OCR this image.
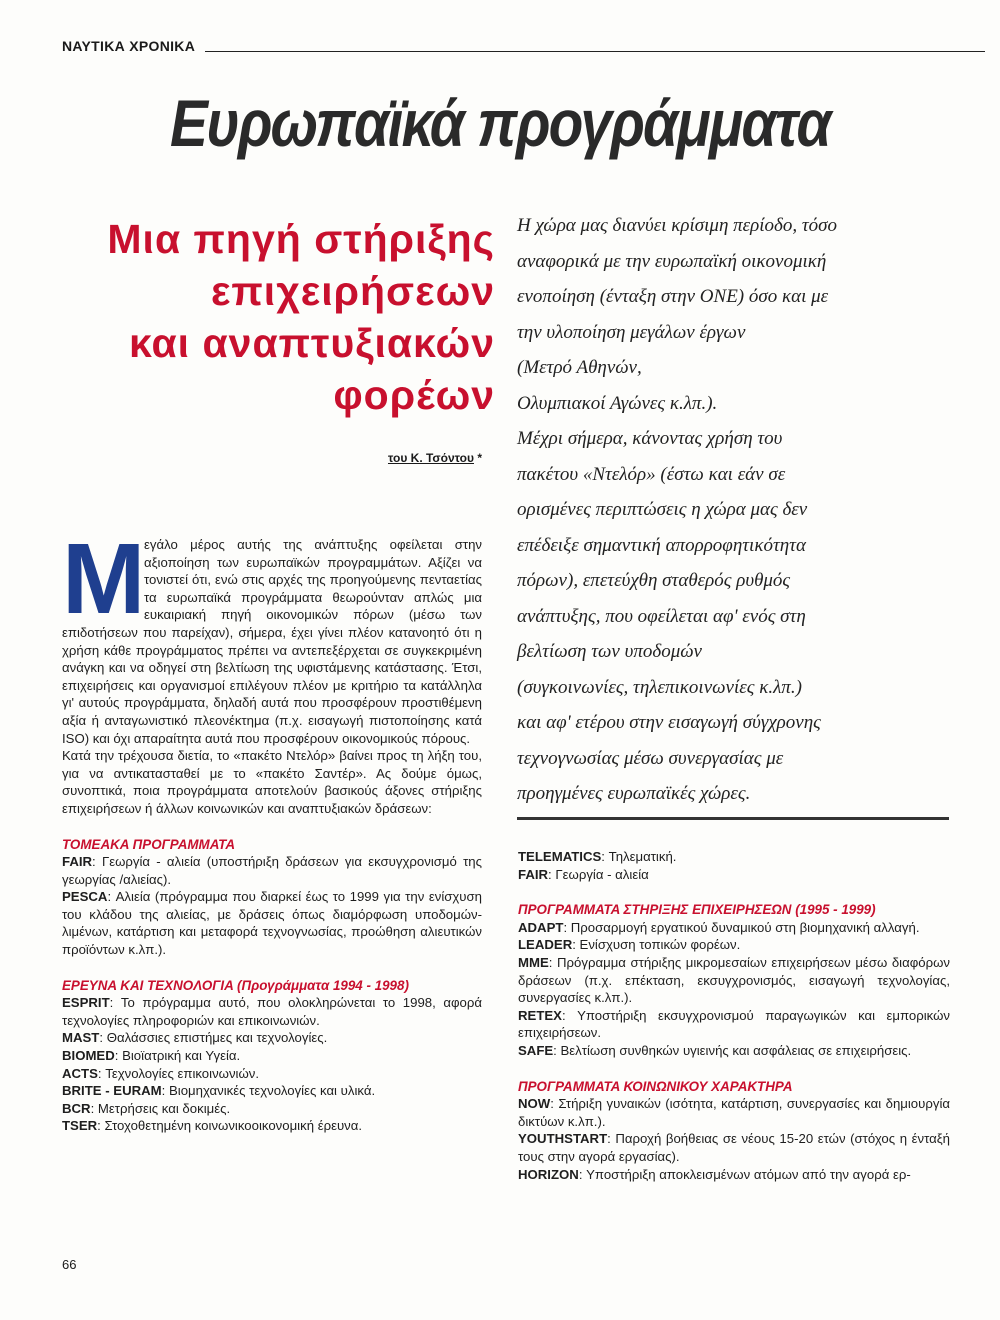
ΝΑΥΤΙΚΑ ΧΡΟΝΙΚΑ
Ευρωπαϊκά προγράμματα
Μια πηγή στήριξης
επιχειρήσεων
και αναπτυξιακών
φορέων
του Κ. Τσόντου *

Η χώρα μας διανύει κρίσιμη περίοδο, τόσο

αναφορικά με την ευρωπαϊκή οικονομική

ενοποίηση (ένταξη στην ΟΝΕ) όσο και με

την υλοποίηση μεγάλων έργων

(Μετρό Αθηνών,

Ολυμπιακοί Αγώνες κ.λπ.).

Μέχρι σήμερα, κάνοντας χρήση του

πακέτου «Ντελόρ» (έστω και εάν σε

ορισμένες περιπτώσεις η χώρα μας δεν

επέδειξε σημαντική απορροφητικότητα

πόρων), επετεύχθη σταθερός ρυθμός

ανάπτυξης, που οφείλεται αφ' ενός στη

βελτίωση των υποδομών

(συγκοινωνίες, τηλεπικοινωνίες κ.λπ.)

και αφ' ετέρου στην εισαγωγή σύγχρονης

τεχνογνωσίας μέσω συνεργασίας με

προηγμένες ευρωπαϊκές χώρες.

Μ
εγάλο μέρος αυτής της ανάπτυξης οφείλεται στην αξιοποίηση των ευρωπαϊκών προγραμμάτων. Αξίζει να τονιστεί ότι, ενώ στις αρχές της προηγούμενης πενταετίας τα ευρωπαϊκά προγράμματα θεωρούνταν απλώς μια ευκαιριακή πηγή οικονομικών πόρων (μέσω των επιδοτήσεων που παρείχαν), σήμερα, έχει γίνει πλέον κατανοητό ότι η χρήση κάθε προγράμματος πρέπει να αντεπεξέρχεται σε συγκεκριμένη ανάγκη και να οδηγεί στη βελτίωση της υφιστάμενης κατάστασης. Έτσι, επιχειρήσεις και οργανισμοί επιλέγουν πλέον με κριτήριο τα κατάλληλα γι' αυτούς προγράμματα, δηλαδή αυτά που προσφέρουν προστιθέμενη αξία ή ανταγωνιστικό πλεονέκτημα (π.χ. εισαγωγή πιστοποίησης κατά ISO) και όχι απαραίτητα αυτά που προσφέρουν οικονομικούς πόρους.
Κατά την τρέχουσα διετία, το «πακέτο Ντελόρ» βαίνει προς τη λήξη του, για να αντικατασταθεί με το «πακέτο Σαντέρ». Ας δούμε όμως, συνοπτικά, ποια προγράμματα αποτελούν βασικούς άξονες στήριξης επιχειρήσεων ή άλλων κοινωνικών και αναπτυξιακών δράσεων:
ΤΟΜΕΑΚΑ ΠΡΟΓΡΑΜΜΑΤΑ
FAIR: Γεωργία - αλιεία (υποστήριξη δράσεων για εκσυγχρονισμό της γεωργίας /αλιείας).
PESCA: Αλιεία (πρόγραμμα που διαρκεί έως το 1999 για την ενίσχυση του κλάδου της αλιείας, με δράσεις όπως διαμόρφωση υποδομών-λιμένων, κατάρτιση και μεταφορά τεχνογνωσίας, προώθηση αλιευτικών προϊόντων κ.λπ.).
ΕΡΕΥΝΑ ΚΑΙ ΤΕΧΝΟΛΟΓΙΑ (Προγράμματα 1994 - 1998)
ESPRIT: Το πρόγραμμα αυτό, που ολοκληρώνεται το 1998, αφορά τεχνολογίες πληροφοριών και επικοινωνιών.
MAST: Θαλάσσιες επιστήμες και τεχνολογίες.
BIOMED: Βιοϊατρική και Υγεία.
ACTS: Τεχνολογίες επικοινωνιών.
BRITE - EURAM: Βιομηχανικές τεχνολογίες και υλικά.
BCR: Μετρήσεις και δοκιμές.
TSER: Στοχοθετημένη κοινωνικοοικονομική έρευνα.
TELEMATICS: Τηλεματική.
FAIR: Γεωργία - αλιεία
ΠΡΟΓΡΑΜΜΑΤΑ ΣΤΗΡΙΞΗΣ ΕΠΙΧΕΙΡΗΣΕΩΝ (1995 - 1999)
ADAPT: Προσαρμογή εργατικού δυναμικού στη βιομηχανική αλλαγή.
LEADER: Ενίσχυση τοπικών φορέων.
MME: Πρόγραμμα στήριξης μικρομεσαίων επιχειρήσεων μέσω διαφόρων δράσεων (π.χ. επέκταση, εκσυγχρονισμός, εισαγωγή τεχνολογίας, συνεργασίες κ.λπ.).
RETEX: Υποστήριξη εκσυγχρονισμού παραγωγικών και εμπορικών επιχειρήσεων.
SAFE: Βελτίωση συνθηκών υγιεινής και ασφάλειας σε επιχειρήσεις.
ΠΡΟΓΡΑΜΜΑΤΑ ΚΟΙΝΩΝΙΚΟΥ ΧΑΡΑΚΤΗΡΑ
NOW: Στήριξη γυναικών (ισότητα, κατάρτιση, συνεργασίες και δημιουργία δικτύων κ.λπ.).
YOUTHSTART: Παροχή βοήθειας σε νέους 15-20 ετών (στόχος η ένταξή τους στην αγορά εργασίας).
HORIZON: Υποστήριξη αποκλεισμένων ατόμων από την αγορά ερ-
66
